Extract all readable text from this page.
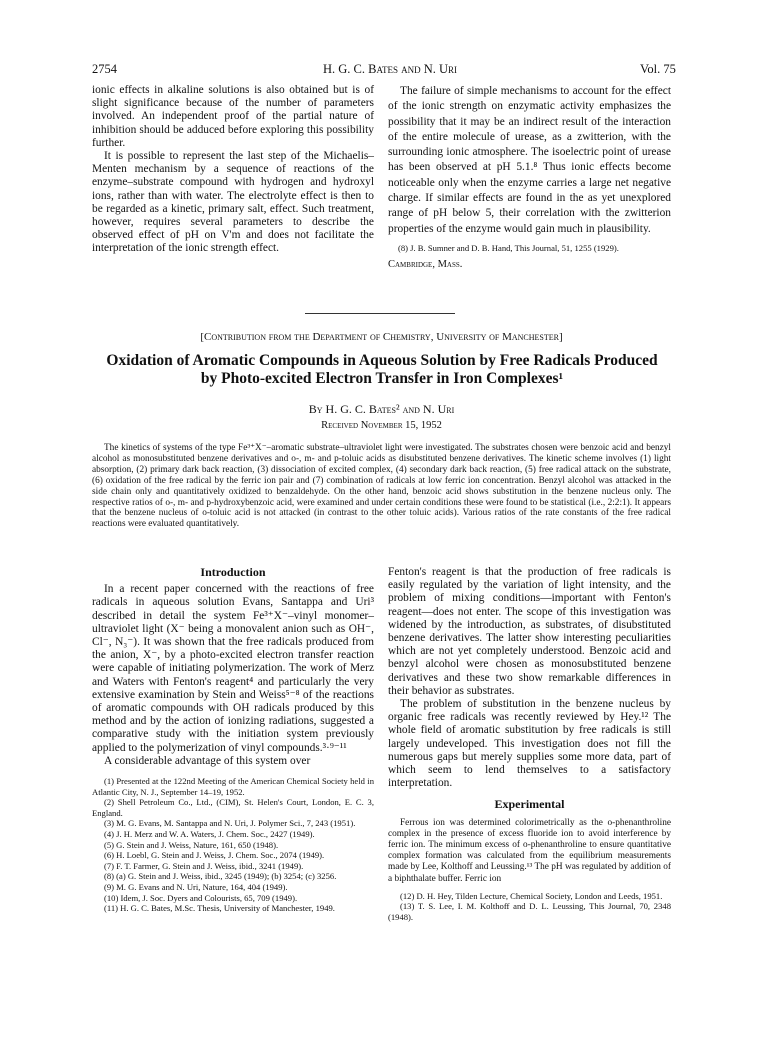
2754	H. G. C. Bates and N. Uri	Vol. 75

ionic effects in alkaline solutions is also obtained but is of slight significance because of the number of parameters involved. An independent proof of the partial nature of inhibition should be adduced before exploring this possibility further.

It is possible to represent the last step of the Michaelis–Menten mechanism by a sequence of reactions of the enzyme–substrate compound with hydrogen and hydroxyl ions, rather than with water. The electrolyte effect is then to be regarded as a kinetic, primary salt, effect. Such treatment, however, requires several parameters to describe the observed effect of pH on V'm and does not facilitate the interpretation of the ionic strength effect.

The failure of simple mechanisms to account for the effect of the ionic strength on enzymatic activity emphasizes the possibility that it may be an indirect result of the interaction of the entire molecule of urease, as a zwitterion, with the surrounding ionic atmosphere. The isoelectric point of urease has been observed at pH 5.1.⁸ Thus ionic effects become noticeable only when the enzyme carries a large net negative charge. If similar effects are found in the as yet unexplored range of pH below 5, their correlation with the zwitterion properties of the enzyme would gain much in plausibility.

(8) J. B. Sumner and D. B. Hand, This Journal, 51, 1255 (1929).

Cambridge, Mass.

[Contribution from the Department of Chemistry, University of Manchester]
Oxidation of Aromatic Compounds in Aqueous Solution by Free Radicals Produced
by Photo-excited Electron Transfer in Iron Complexes¹
By H. G. C. Bates² and N. Uri
Received November 15, 1952

The kinetics of systems of the type Fe³⁺X⁻–aromatic substrate–ultraviolet light were investigated. The substrates chosen were benzoic acid and benzyl alcohol as monosubstituted benzene derivatives and o-, m- and p-toluic acids as disubstituted benzene derivatives. The kinetic scheme involves (1) light absorption, (2) primary dark back reaction, (3) dissociation of excited complex, (4) secondary dark back reaction, (5) free radical attack on the substrate, (6) oxidation of the free radical by the ferric ion pair and (7) combination of radicals at low ferric ion concentration. Benzyl alcohol was attacked in the side chain only and quantitatively oxidized to benzaldehyde. On the other hand, benzoic acid shows substitution in the benzene nucleus only. The respective ratios of o-, m- and p-hydroxybenzoic acid, were examined and under certain conditions these were found to be statistical (i.e., 2:2:1). It appears that the benzene nucleus of o-toluic acid is not attacked (in contrast to the other toluic acids). Various ratios of the rate constants of the free radical reactions were evaluated quantitatively.

Introduction

In a recent paper concerned with the reactions of free radicals in aqueous solution Evans, Santappa and Uri³ described in detail the system Fe³⁺X⁻–vinyl monomer–ultraviolet light (X⁻ being a monovalent anion such as OH⁻, Cl⁻, N₃⁻). It was shown that the free radicals produced from the anion, X⁻, by a photo-excited electron transfer reaction were capable of initiating polymerization. The work of Merz and Waters with Fenton's reagent⁴ and particularly the very extensive examination by Stein and Weiss⁵⁻⁸ of the reactions of aromatic compounds with OH radicals produced by this method and by the action of ionizing radiations, suggested a comparative study with the initiation system previously applied to the polymerization of vinyl compounds.³·⁹⁻¹¹

A considerable advantage of this system over

(1) Presented at the 122nd Meeting of the American Chemical Society held in Atlantic City, N. J., September 14–19, 1952.

(2) Shell Petroleum Co., Ltd., (CIM), St. Helen's Court, London, E. C. 3, England.

(3) M. G. Evans, M. Santappa and N. Uri, J. Polymer Sci., 7, 243 (1951).

(4) J. H. Merz and W. A. Waters, J. Chem. Soc., 2427 (1949).

(5) G. Stein and J. Weiss, Nature, 161, 650 (1948).

(6) H. Loebl, G. Stein and J. Weiss, J. Chem. Soc., 2074 (1949).

(7) F. T. Farmer, G. Stein and J. Weiss, ibid., 3241 (1949).

(8) (a) G. Stein and J. Weiss, ibid., 3245 (1949); (b) 3254; (c) 3256.

(9) M. G. Evans and N. Uri, Nature, 164, 404 (1949).

(10) Idem, J. Soc. Dyers and Colourists, 65, 709 (1949).

(11) H. G. C. Bates, M.Sc. Thesis, University of Manchester, 1949.

Fenton's reagent is that the production of free radicals is easily regulated by the variation of light intensity, and the problem of mixing conditions—important with Fenton's reagent—does not enter. The scope of this investigation was widened by the introduction, as substrates, of disubstituted benzene derivatives. The latter show interesting peculiarities which are not yet completely understood. Benzoic acid and benzyl alcohol were chosen as monosubstituted benzene derivatives and these two show remarkable differences in their behavior as substrates.

The problem of substitution in the benzene nucleus by organic free radicals was recently reviewed by Hey.¹² The whole field of aromatic substitution by free radicals is still largely undeveloped. This investigation does not fill the numerous gaps but merely supplies some more data, part of which seem to lend themselves to a satisfactory interpretation.

Experimental

Ferrous ion was determined colorimetrically as the o-phenanthroline complex in the presence of excess fluoride ion to avoid interference by ferric ion. The minimum excess of o-phenanthroline to ensure quantitative complex formation was calculated from the equilibrium measurements made by Lee, Kolthoff and Leussing.¹³ The pH was regulated by addition of a biphthalate buffer. Ferric ion

(12) D. H. Hey, Tilden Lecture, Chemical Society, London and Leeds, 1951.

(13) T. S. Lee, I. M. Kolthoff and D. L. Leussing, This Journal, 70, 2348 (1948).
